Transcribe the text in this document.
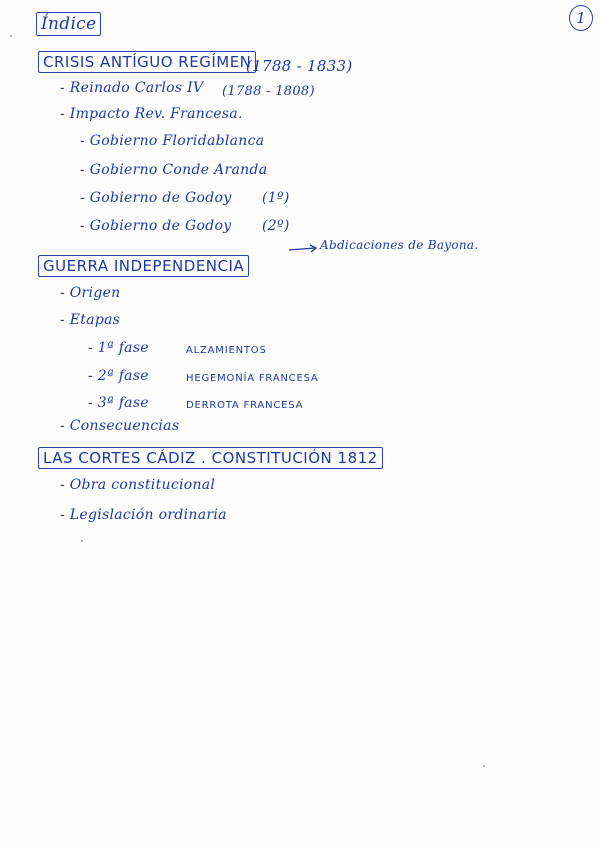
1
Índice
CRISIS ANTÍGUO REGÍMEN
(1788 - 1833)
- Reinado Carlos IV (1788 - 1808)
- Impacto Rev. Francesa.
- Gobierno Floridablanca
- Gobierno Conde Aranda
- Gobierno de Godoy (1º)
- Gobierno de Godoy (2º)
Abdicaciones de Bayona.
GUERRA INDEPENDENCIA
- Origen
- Etapas
- 1ª fase	ALZAMIENTOS
- 2ª fase	HEGEMONÍA FRANCESA
- 3ª fase	DERROTA FRANCESA
- Consecuencias
LAS CORTES CÁDIZ . CONSTITUCIÓN 1812
- Obra constitucional
- Legislación ordinaria
